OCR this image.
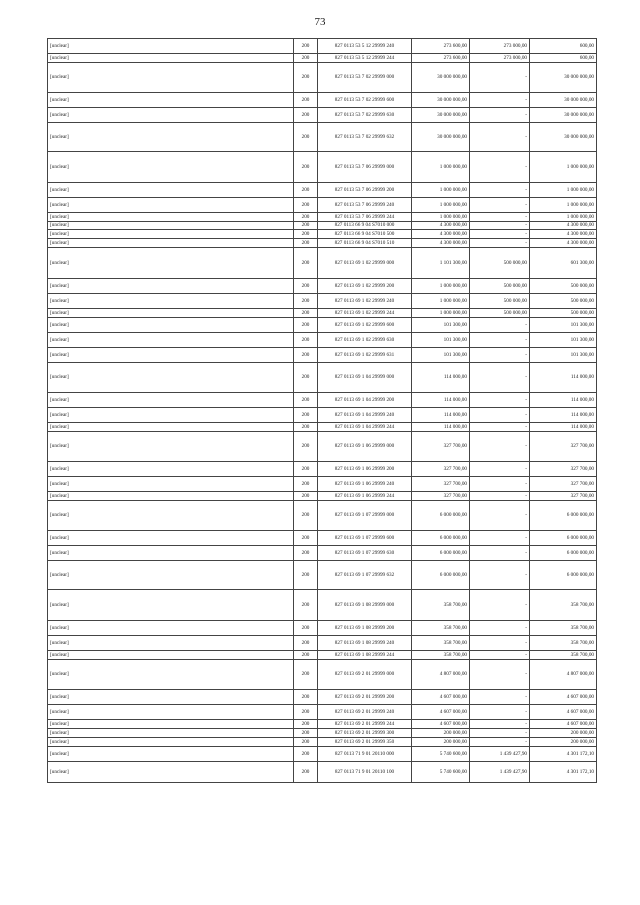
73
[unclear]	200	827 0113 53 5 12 29999 240	273 600,00	273 000,00	600,00
[unclear]	200	827 0113 53 5 12 29999 244	273 600,00	273 000,00	600,00
[unclear]	200	827 0113 53 7 02 29999 000	30 000 000,00	-	30 000 000,00
[unclear]	200	827 0113 53 7 02 29999 600	30 000 000,00	-	30 000 000,00
[unclear]	200	827 0113 53 7 02 29999 630	30 000 000,00	-	30 000 000,00
[unclear]	200	827 0113 53 7 02 29999 632	30 000 000,00	-	30 000 000,00
[unclear]	200	827 0113 53 7 06 29999 000	1 000 000,00	-	1 000 000,00
[unclear]	200	827 0113 53 7 06 29999 200	1 000 000,00	-	1 000 000,00
[unclear]	200	827 0113 53 7 06 29999 240	1 000 000,00	-	1 000 000,00
[unclear]	200	827 0113 53 7 06 29999 244	1 000 000,00	-	1 000 000,00
[unclear]	200	827 0113 66 9 04 S7010 000	4 300 000,00	-	4 300 000,00
[unclear]	200	827 0113 66 9 04 S7010 500	4 300 000,00	-	4 300 000,00
[unclear]	200	827 0113 66 9 04 S7010 510	4 300 000,00	-	4 300 000,00
[unclear]	200	827 0113 69 1 02 29999 000	1 101 300,00	500 000,00	601 300,00
[unclear]	200	827 0113 69 1 02 29999 200	1 000 000,00	500 000,00	500 000,00
[unclear]	200	827 0113 69 1 02 29999 240	1 000 000,00	500 000,00	500 000,00
[unclear]	200	827 0113 69 1 02 29999 244	1 000 000,00	500 000,00	500 000,00
[unclear]	200	827 0113 69 1 02 29999 600	101 300,00	-	101 300,00
[unclear]	200	827 0113 69 1 02 29999 630	101 300,00	-	101 300,00
[unclear]	200	827 0113 69 1 02 29999 631	101 300,00	-	101 300,00
[unclear]	200	827 0113 69 1 04 29999 000	114 000,00	-	114 000,00
[unclear]	200	827 0113 69 1 04 29999 200	114 000,00	-	114 000,00
[unclear]	200	827 0113 69 1 04 29999 240	114 000,00	-	114 000,00
[unclear]	200	827 0113 69 1 04 29999 244	114 000,00	-	114 000,00
[unclear]	200	827 0113 69 1 06 29999 000	327 700,00	-	327 700,00
[unclear]	200	827 0113 69 1 06 29999 200	327 700,00	-	327 700,00
[unclear]	200	827 0113 69 1 06 29999 240	327 700,00	-	327 700,00
[unclear]	200	827 0113 69 1 06 29999 244	327 700,00	-	327 700,00
[unclear]	200	827 0113 69 1 07 29999 000	6 000 000,00	-	6 000 000,00
[unclear]	200	827 0113 69 1 07 29999 600	6 000 000,00	-	6 000 000,00
[unclear]	200	827 0113 69 1 07 29999 630	6 000 000,00	-	6 000 000,00
[unclear]	200	827 0113 69 1 07 29999 632	6 000 000,00	-	6 000 000,00
[unclear]	200	827 0113 69 1 08 29999 000	358 700,00	-	358 700,00
[unclear]	200	827 0113 69 1 08 29999 200	358 700,00	-	358 700,00
[unclear]	200	827 0113 69 1 08 29999 240	358 700,00	-	358 700,00
[unclear]	200	827 0113 69 1 08 29999 244	358 700,00	-	358 700,00
[unclear]	200	827 0113 69 2 01 29999 000	4 807 000,00	-	4 807 000,00
[unclear]	200	827 0113 69 2 01 29999 200	4 607 000,00	-	4 607 000,00
[unclear]	200	827 0113 69 2 01 29999 240	4 607 000,00	-	4 607 000,00
[unclear]	200	827 0113 69 2 01 29999 244	4 607 000,00	-	4 607 000,00
[unclear]	200	827 0113 69 2 01 29999 300	200 000,00	-	200 000,00
[unclear]	200	827 0113 69 2 01 29999 350	200 000,00	-	200 000,00
[unclear]	200	827 0113 71 9 01 20110 000	5 740 600,00	1 439 427,90	4 301 172,10
[unclear]	200	827 0113 71 9 01 20110 100	5 740 600,00	1 439 427,90	4 301 172,10
